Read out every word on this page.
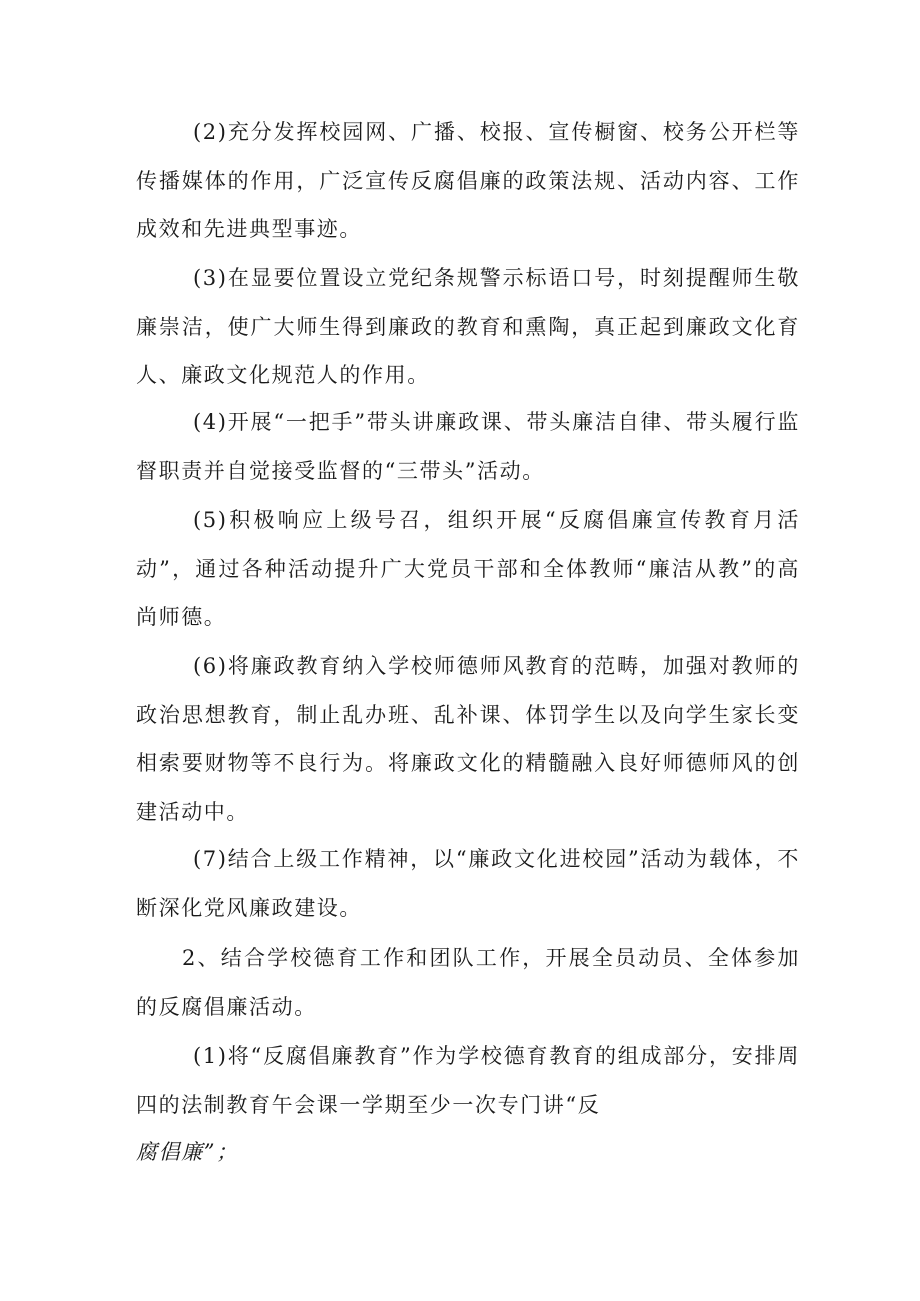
(2)充分发挥校园网、广播、校报、宣传橱窗、校务公开栏等传播媒体的作用，广泛宣传反腐倡廉的政策法规、活动内容、工作成效和先进典型事迹。

(3)在显要位置设立党纪条规警示标语口号，时刻提醒师生敬廉崇洁，使广大师生得到廉政的教育和熏陶，真正起到廉政文化育人、廉政文化规范人的作用。

(4)开展“一把手”带头讲廉政课、带头廉洁自律、带头履行监督职责并自觉接受监督的“三带头”活动。

(5)积极响应上级号召，组织开展“反腐倡廉宣传教育月活动”，通过各种活动提升广大党员干部和全体教师“廉洁从教”的高尚师德。

(6)将廉政教育纳入学校师德师风教育的范畴，加强对教师的政治思想教育，制止乱办班、乱补课、体罚学生以及向学生家长变相索要财物等不良行为。将廉政文化的精髓融入良好师德师风的创建活动中。

(7)结合上级工作精神，以“廉政文化进校园”活动为载体，不断深化党风廉政建设。

2、结合学校德育工作和团队工作，开展全员动员、全体参加的反腐倡廉活动。

(1)将“反腐倡廉教育”作为学校德育教育的组成部分，安排周四的法制教育午会课一学期至少一次专门讲“反

腐倡廉”；
